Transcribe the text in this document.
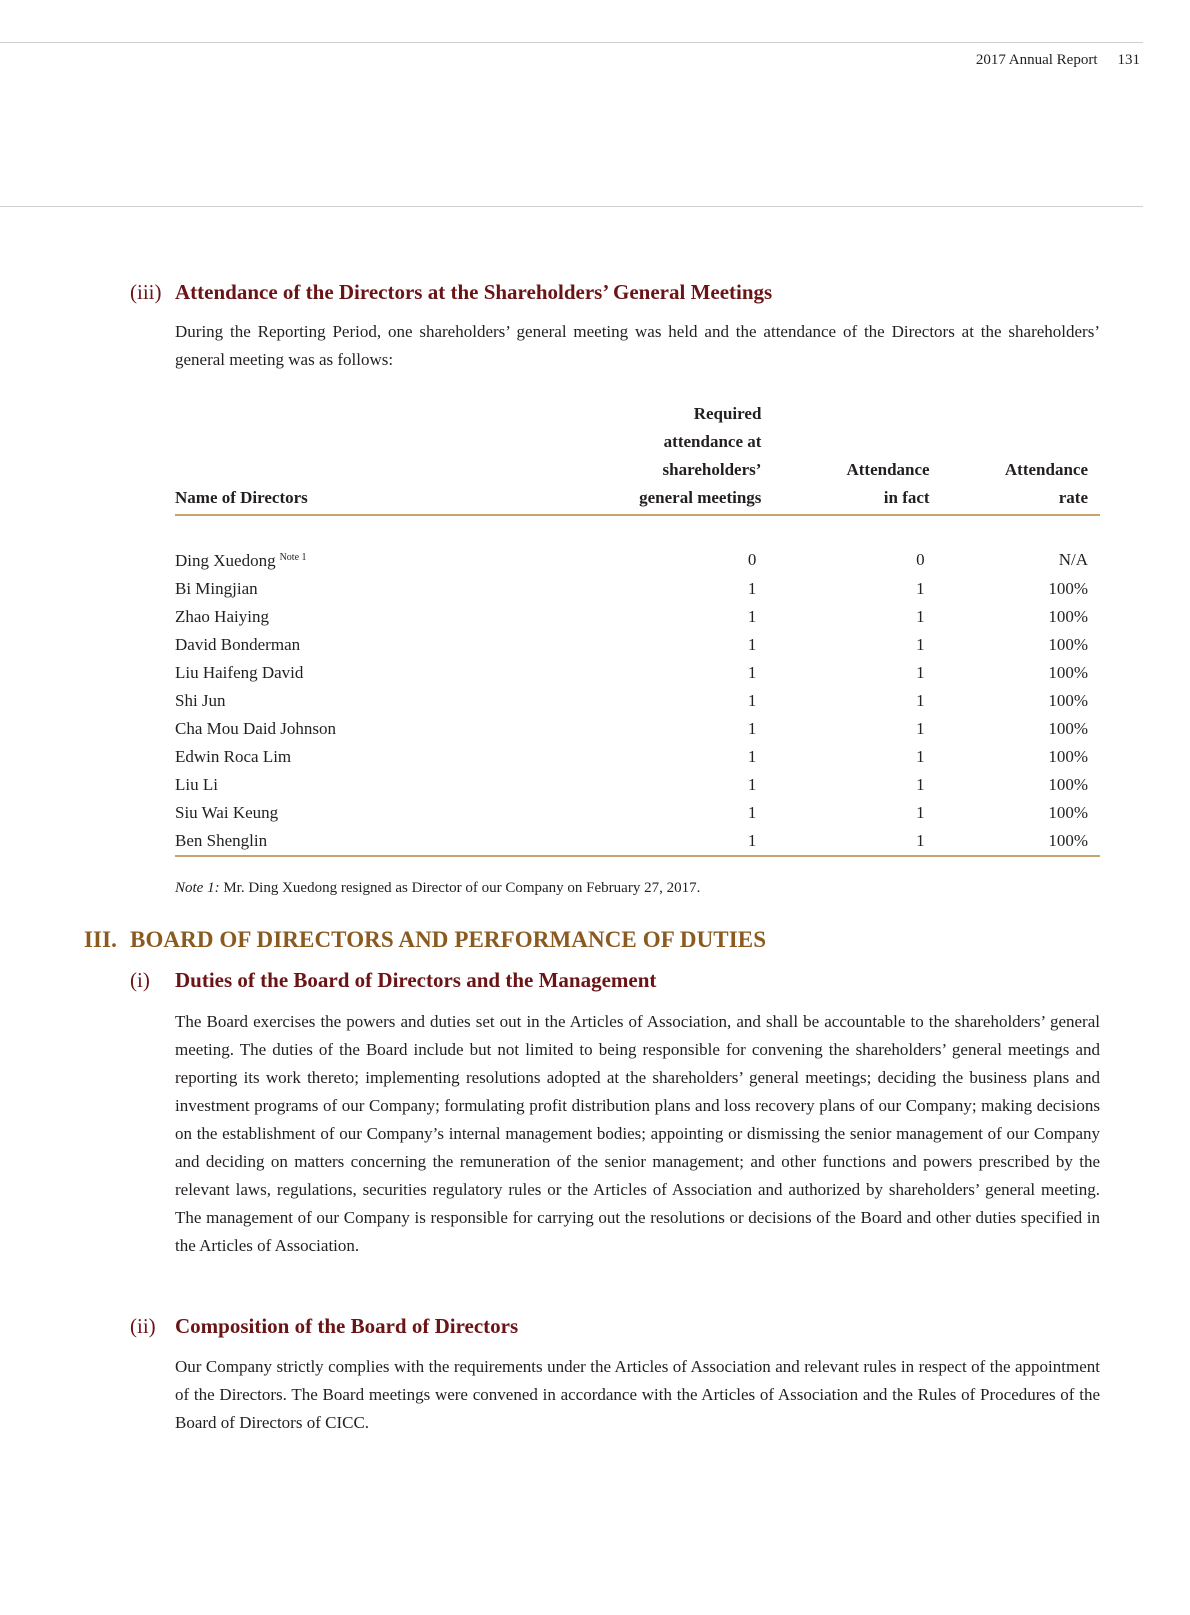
2017 Annual Report 131
(iii) Attendance of the Directors at the Shareholders’ General Meetings
During the Reporting Period, one shareholders’ general meeting was held and the attendance of the Directors at the shareholders’ general meeting was as follows:
Name of Directors	
Required
attendance at
shareholders’
general meetings

Attendance
in fact

Attendance
rate

Ding Xuedong $^{Note 1}$	0	0	N/A
Bi Mingjian	1	1	100%
Zhao Haiying	1	1	100%
David Bonderman	1	1	100%
Liu Haifeng David	1	1	100%
Shi Jun	1	1	100%
Cha Mou Daid Johnson	1	1	100%
Edwin Roca Lim	1	1	100%
Liu Li	1	1	100%
Siu Wai Keung	1	1	100%
Ben Shenglin	1	1	100%
Note 1: Mr. Ding Xuedong resigned as Director of our Company on February 27, 2017.
III. BOARD OF DIRECTORS AND PERFORMANCE OF DUTIES
(i) Duties of the Board of Directors and the Management
The Board exercises the powers and duties set out in the Articles of Association, and shall be accountable to the shareholders’ general meeting. The duties of the Board include but not limited to being responsible for convening the shareholders’ general meetings and reporting its work thereto; implementing resolutions adopted at the shareholders’ general meetings; deciding the business plans and investment programs of our Company; formulating profit distribution plans and loss recovery plans of our Company; making decisions on the establishment of our Company’s internal management bodies; appointing or dismissing the senior management of our Company and deciding on matters concerning the remuneration of the senior management; and other functions and powers prescribed by the relevant laws, regulations, securities regulatory rules or the Articles of Association and authorized by shareholders’ general meeting. The management of our Company is responsible for carrying out the resolutions or decisions of the Board and other duties specified in the Articles of Association.
(ii) Composition of the Board of Directors
Our Company strictly complies with the requirements under the Articles of Association and relevant rules in respect of the appointment of the Directors. The Board meetings were convened in accordance with the Articles of Association and the Rules of Procedures of the Board of Directors of CICC.
